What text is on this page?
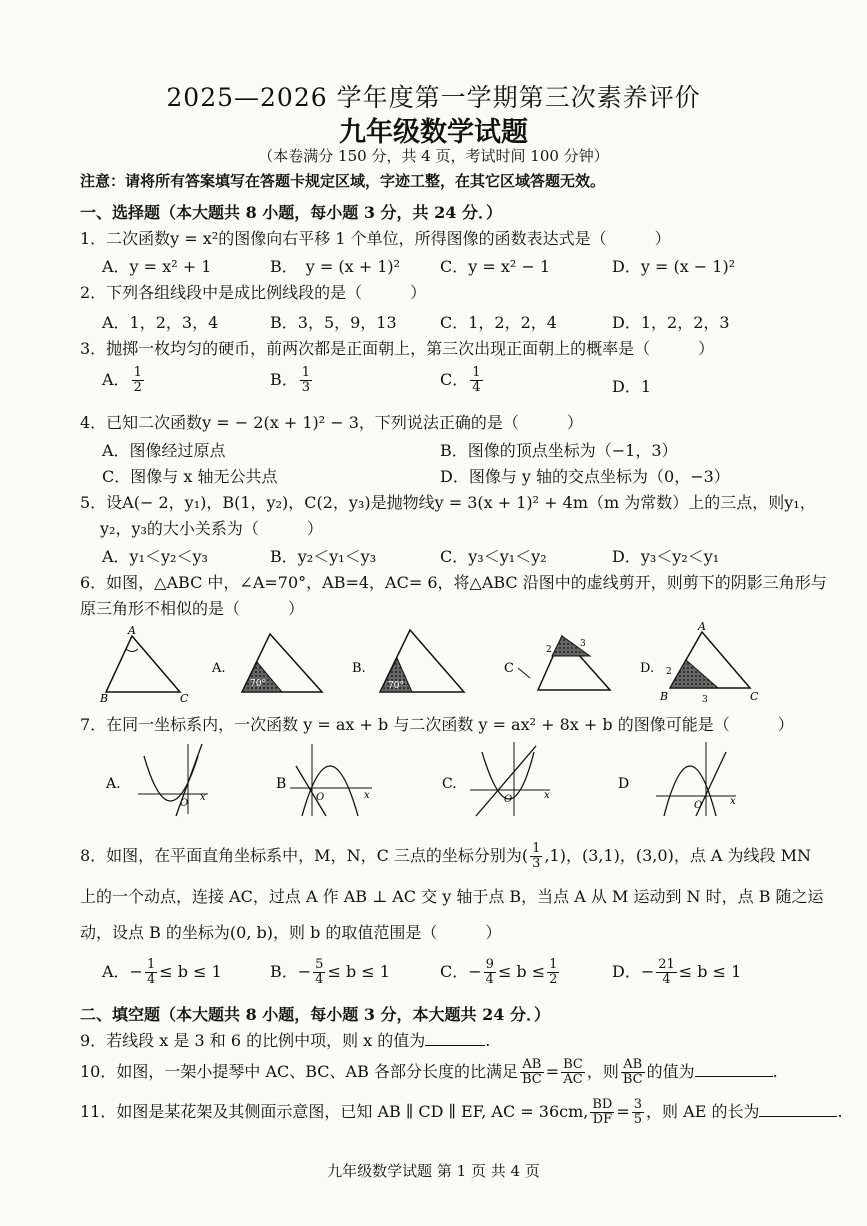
2025—2026 学年度第一学期第三次素养评价
九年级数学试题
（本卷满分 150 分，共 4 页，考试时间 100 分钟）
注意：请将所有答案填写在答题卡规定区域，字迹工整，在其它区域答题无效。
一、选择题（本大题共 8 小题，每小题 3 分，共 24 分．）
1．二次函数y = x²的图像向右平移 1 个单位，所得图像的函数表达式是（　　　）
A．y = x² + 1	B．　y = (x + 1)² C．y = x² − 1	D．y = (x − 1)²
2．下列各组线段中是成比例线段的是（　　　）
A．1，2，3，4	B．3，5，9，13	C．1，2，2，4	D．1，2，2，3
3．抛掷一枚均匀的硬币，前两次都是正面朝上，第三次出现正面朝上的概率是（　　　）
A． $\frac{1}{2}$	B． $\frac{1}{3}$	C． $\frac{1}{4}$	D．1
4．已知二次函数y = − 2(x + 1)² − 3，下列说法正确的是（　　　）
A．图像经过原点	B．图像的顶点坐标为（−1，3）
C．图像与 x 轴无公共点	D．图像与 y 轴的交点坐标为（0，−3）
5．设A(− 2，y₁)，B(1，y₂)，C(2，y₃)是抛物线y = 3(x + 1)² + 4m（m 为常数）上的三点，则y₁，
y₂，y₃的大小关系为（　　　）
A．y₁＜y₂＜y₃	B．y₂＜y₁＜y₃	C．y₃＜y₁＜y₂	D．y₃＜y₂＜y₁
6．如图，△ABC 中，∠A=70°，AB=4，AC= 6，将△ABC 沿图中的虚线剪开，则剪下的阴影三角形与
原三角形不相似的是（　　　）
A
B	C
A.
70°
B.
70°
C
2
3
D. 2
3
A
B	C
7．在同一坐标系内，一次函数 y = ax + b 与二次函数 y = ax² + 8x + b 的图像可能是（　　　）
A.
O
x
B
O	x
C.
O	x
D
O	x
8．如图，在平面直角坐标系中，M，N，C 三点的坐标分别为( $\frac{1}{3} ,1$)，(3,1)，(3,0)，点 A 为线段 MN
上的一个动点，连接 AC，过点 A 作 AB ⊥ AC 交 y 轴于点 B，当点 A 从 M 运动到 N 时，点 B 随之运
动，设点 B 的坐标为(0, b)，则 b 的取值范围是（　　　）
A．− $\frac{1}{4} \le b \le 1$	B．− $\frac{5}{4} \le b \le 1$	C．− $\frac{9}{4} \le b \le \frac{1}{2}$	D．− $\frac{21}{4} \le b \le 1$
二、填空题（本大题共 8 小题，每小题 3 分，本大题共 24 分．）
9．若线段 x 是 3 和 6 的比例中项，则 x 的值为	.
10．如图，一架小提琴中 AC、BC、AB 各部分长度的比满足 $\frac{AB}{BC} = \frac{BC}{AC}$ ，则 $\frac{AB}{BC}$ 的值为	.
11．如图是某花架及其侧面示意图，已知 AB ∥ CD ∥ EF, AC = 36cm, $\frac{BD}{DF} = \frac{3}{5}$ ，则 AE 的长为	.
九年级数学试题 第 1 页 共 4 页
